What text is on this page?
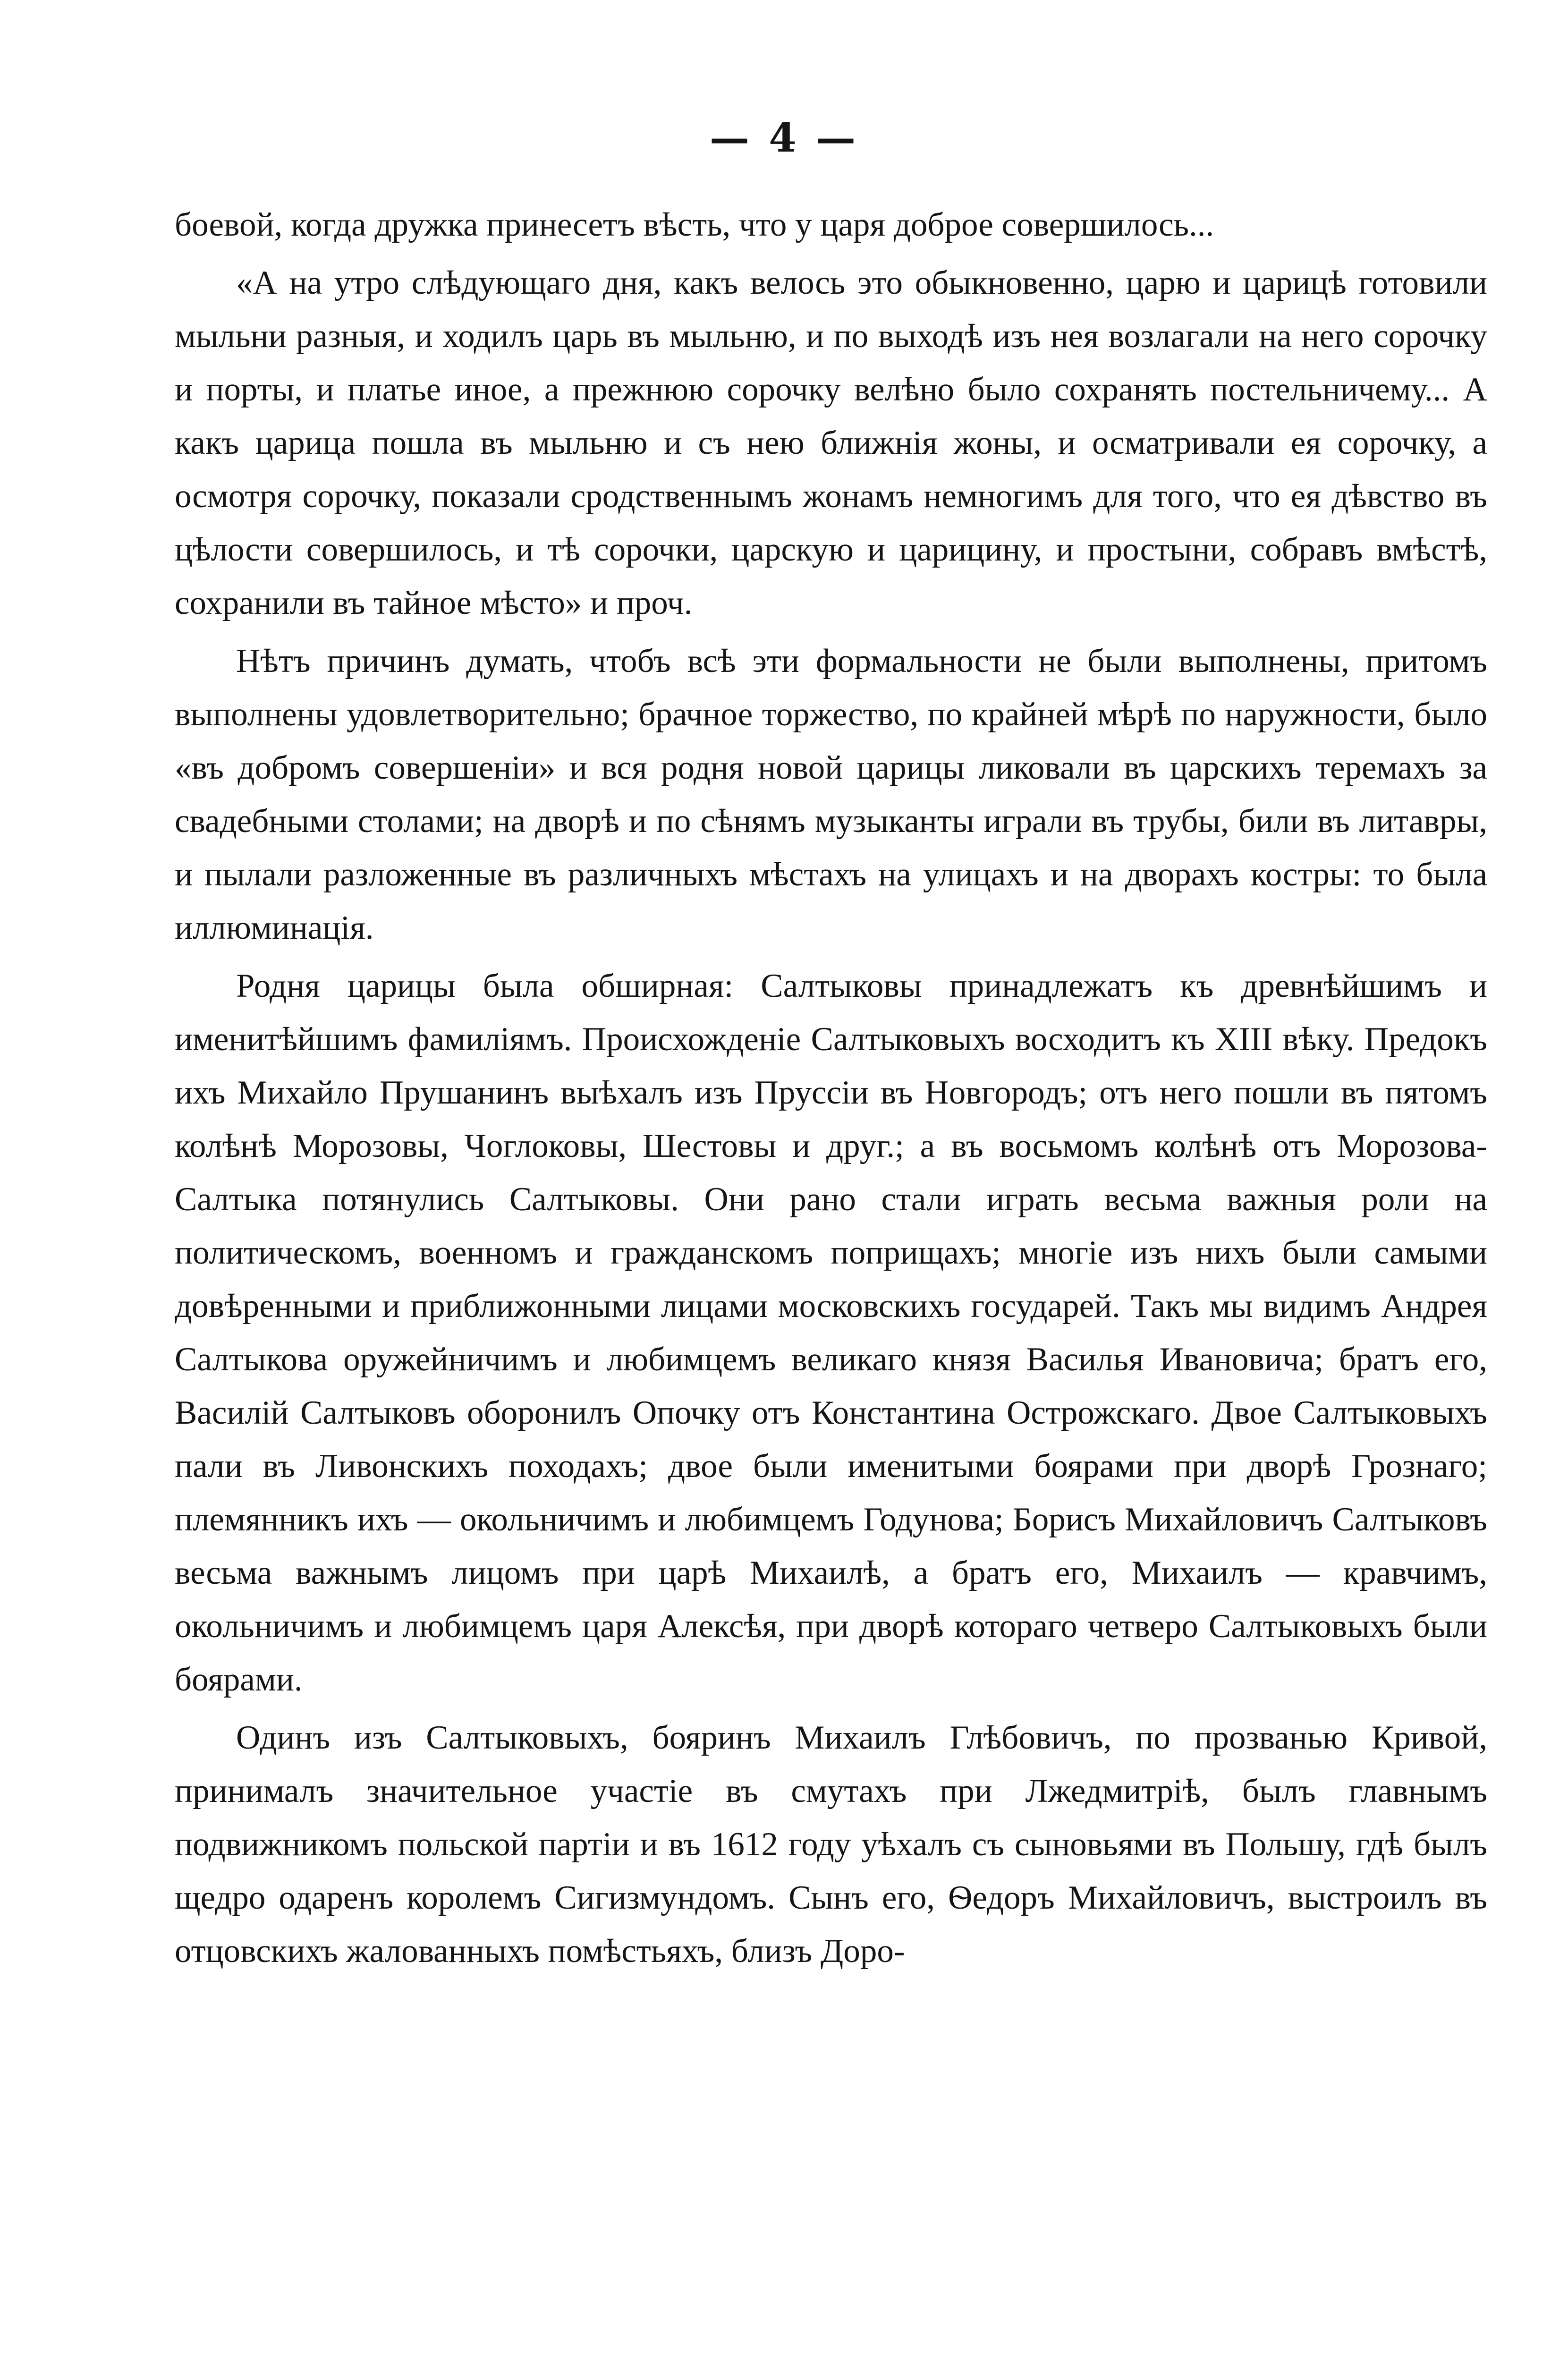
— 4 —

боевой, когда дружка принесетъ вѣсть, что у царя доброе совершилось...

«А на утро слѣдующаго дня, какъ велось это обыкновенно, царю и царицѣ готовили мыльни разныя, и ходилъ царь въ мыльню, и по выходѣ изъ нея возлагали на него сорочку и порты, и платье иное, а прежнюю сорочку велѣно было сохранять постельничему... А какъ царица пошла въ мыльню и съ нею ближнія жоны, и осматривали ея сорочку, а осмотря сорочку, показали сродственнымъ жонамъ немногимъ для того, что ея дѣвство въ цѣлости совершилось, и тѣ сорочки, царскую и царицину, и простыни, собравъ вмѣстѣ, сохранили въ тайное мѣсто» и проч.

Нѣтъ причинъ думать, чтобъ всѣ эти формальности не были выполнены, притомъ выполнены удовлетворительно; брачное торжество, по крайней мѣрѣ по наружности, было «въ добромъ совершеніи» и вся родня новой царицы ликовали въ царскихъ теремахъ за свадебными столами; на дворѣ и по сѣнямъ музыканты играли въ трубы, били въ литавры, и пылали разложенные въ различныхъ мѣстахъ на улицахъ и на дворахъ костры: то была иллюминація.

Родня царицы была обширная: Салтыковы принадлежатъ къ древнѣйшимъ и именитѣйшимъ фамиліямъ. Происхожденіе Салтыковыхъ восходитъ къ XIII вѣку. Предокъ ихъ Михайло Прушанинъ выѣхалъ изъ Пруссіи въ Новгородъ; отъ него пошли въ пятомъ колѣнѣ Морозовы, Чоглоковы, Шестовы и друг.; а въ восьмомъ колѣнѣ отъ Морозова-Салтыка потянулись Салтыковы. Они рано стали играть весьма важныя роли на политическомъ, военномъ и гражданскомъ поприщахъ; многіе изъ нихъ были самыми довѣренными и приближонными лицами московскихъ государей. Такъ мы видимъ Андрея Салтыкова оружейничимъ и любимцемъ великаго князя Василья Ивановича; братъ его, Василій Салтыковъ оборонилъ Опочку отъ Константина Острожскаго. Двое Салтыковыхъ пали въ Ливонскихъ походахъ; двое были именитыми боярами при дворѣ Грознаго; племянникъ ихъ — окольничимъ и любимцемъ Годунова; Борисъ Михайловичъ Салтыковъ весьма важнымъ лицомъ при царѣ Михаилѣ, а братъ его, Михаилъ — кравчимъ, окольничимъ и любимцемъ царя Алексѣя, при дворѣ котораго четверо Салтыковыхъ были боярами.

Одинъ изъ Салтыковыхъ, бояринъ Михаилъ Глѣбовичъ, по прозванью Кривой, принималъ значительное участіе въ смутахъ при Лжедмитріѣ, былъ главнымъ подвижникомъ польской партіи и въ 1612 году уѣхалъ съ сыновьями въ Польшу, гдѣ былъ щедро одаренъ королемъ Сигизмундомъ. Сынъ его, Ѳедоръ Михайловичъ, выстроилъ въ отцовскихъ жалованныхъ помѣстьяхъ, близъ Доро-
